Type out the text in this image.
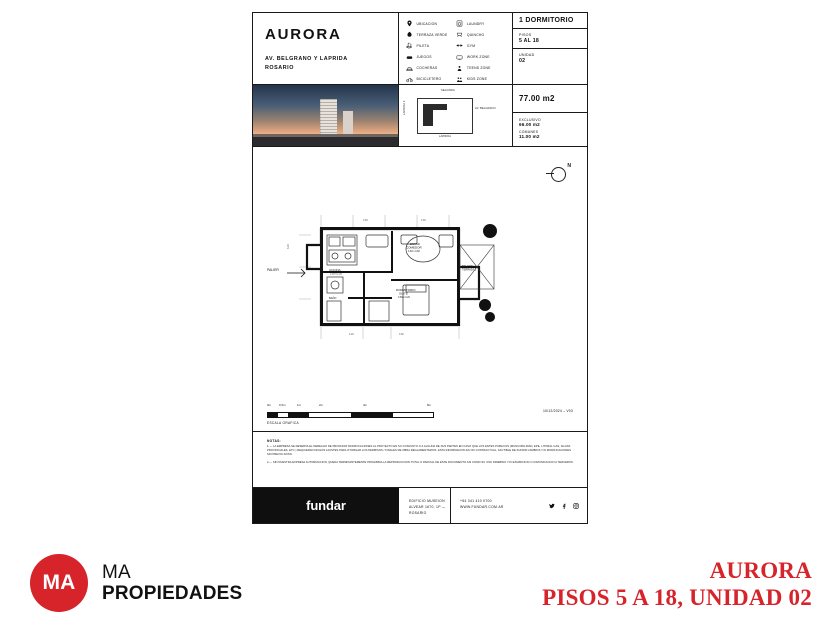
AURORA
AV. BELGRANO Y LAPRIDA
ROSARIO
UBICACION
TERRAZA VERDE
PILETA
JUEGOS
COCHERAS
BICICLETERO
LAUNDRY
QUINCHO
GYM
WORK ZONE
TEENS ZONE
KIDS ZONE
1 DORMITORIO
PISOS
5 AL 18
UNIDAD
02
SEGUNDA
LAPRIDA 2	AV. BELGRANO
LAPRIDA
77.00 m2
EXCLUSIVO
66.00 m2
COMUNES
11.00 m2
N
PALIER	COCINA
2.55 x 2.20
ESTAR
COMEDOR
4.60 x 3.60
BALCON
TERRAZA 1
DORMITORIO
SUITE
3.60 x 3.20
VESTIDOR
BAÑO
3.60	4.60
3.20
3.60
2.20
0m	0,5m	1m	2m	4m	8m
ESCALA GRAFICA
10/12/2024 – V03
NOTAS:

1.— LA EMPRESA SE RESERVA EL DERECHO DE PRODUCIR MODIFICACIONES AL PROYECTO EN SU CONJUNTO O A ALGUNA DE SUS PARTES EN CASO QUE LOS ENTES PUBLICOS (MUNICIPALIDAD, EPE, LITORAL GAS, AGUAS PROVINCIALES, ETC.) REQUIERAN DICHOS AJUSTES PARA OTORGAR LOS PERMISOS / FINALES DE OBRA REGLAMENTARIOS. ESTA INFORMACION ES NO CONTRACTUAL, FACTIBLE DE SUFRIR CAMBIOS Y/O MODIFICACIONES SIN PREVIO AVISO.

2.— SIN NUESTRA EXPRESA AUTORIZACION, QUEDA TERMINANTEMENTE PROHIBIDA LA REPRODUCCION TOTAL O PARCIAL DE ESTE DOCUMENTO ASI COMO SU USO INDEBIDO Y/O EXHIBICION O COMUNICACION A TERCEROS.

fundar	EDIFICIO MUSEION
ALVEAR 1670, 1P — ROSARIO
+54 341 410 0700
WWW.FUNDAR.COM.AR
MA	MA
PROPIEDADES
AURORA
PISOS 5 A 18, UNIDAD 02
